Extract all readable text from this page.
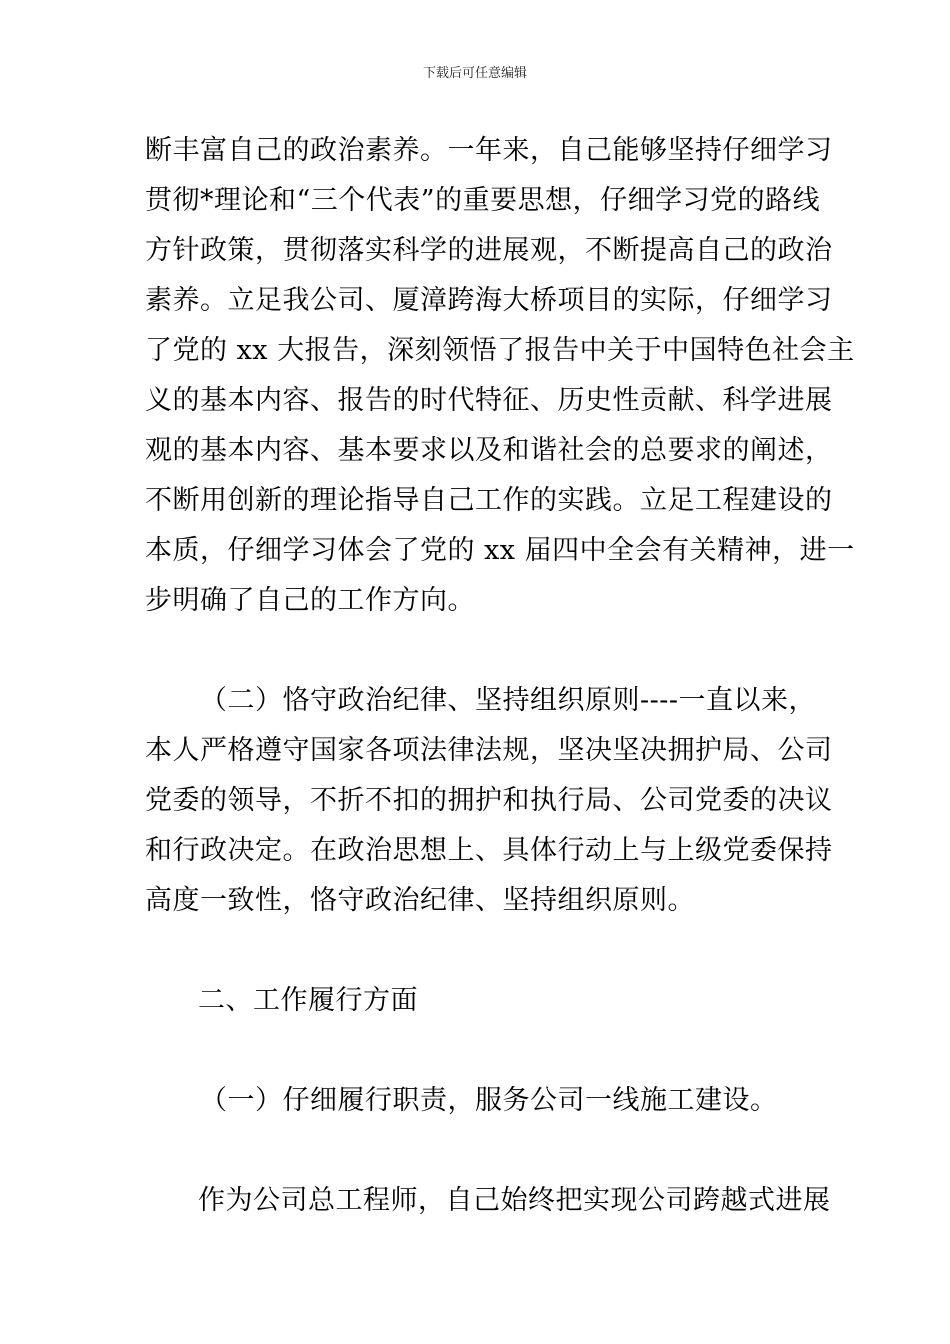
下载后可任意编辑
断丰富自己的政治素养。一年来，自己能够坚持仔细学习
贯彻*理论和“三个代表”的重要思想，仔细学习党的路线
方针政策，贯彻落实科学的进展观，不断提高自己的政治
素养。立足我公司、厦漳跨海大桥项目的实际，仔细学习
了党的 xx 大报告，深刻领悟了报告中关于中国特色社会主
义的基本内容、报告的时代特征、历史性贡献、科学进展
观的基本内容、基本要求以及和谐社会的总要求的阐述，
不断用创新的理论指导自己工作的实践。立足工程建设的
本质，仔细学习体会了党的 xx 届四中全会有关精神，进一
步明确了自己的工作方向。
（二）恪守政治纪律、坚持组织原则----一直以来，
本人严格遵守国家各项法律法规，坚决坚决拥护局、公司
党委的领导，不折不扣的拥护和执行局、公司党委的决议
和行政决定。在政治思想上、具体行动上与上级党委保持
高度一致性，恪守政治纪律、坚持组织原则。
二、工作履行方面
（一）仔细履行职责，服务公司一线施工建设。
作为公司总工程师，自己始终把实现公司跨越式进展
